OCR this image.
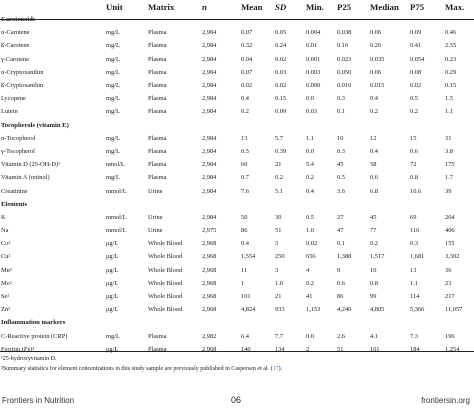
	Unit	Matrix	n	Mean	SD	Min.	P25	Median	P75	Max.
Carotenoids										
α-Carotene	mg/L	Plasma	2,984	0.07	0.05	0.004	0.038	0.06	0.09	0.46
ß-Carotene	mg/L	Plasma	2,984	0.32	0.24	0.01	0.16	0.26	0.41	2.55
γ-Carotene	mg/L	Plasma	2,984	0.04	0.02	0.001	0.023	0.035	0.054	0.23
α-Cryptoxanthin	mg/L	Plasma	2,984	0.07	0.03	0.003	0.050	0.06	0.08	0.29
ß-Cryptoxanthin	mg/L	Plasma	2,984	0.02	0.02	0.000	0.010	0.015	0.02	0.15
Lycopene	mg/L	Plasma	2,984	0.4	0.15	0.0	0.3	0.4	0.5	1.5
Lutein	mg/L	Plasma	2,984	0.2	0.09	0.03	0.1	0.2	0.2	1.1
Tocopherols (vitamin E)										
α-Tocopherol	mg/L	Plasma	2,984	13	5.7	1.1	10	12	15	31
γ-Tocopherol	mg/L	Plasma	2,984	0.5	0.39	0.0	0.3	0.4	0.6	3.8
Vitamin D (25-OH-D)¹	nmol/L	Plasma	2,984	60	21	5.4	45	58	72	175
Vitamin A (retinol)	mg/L	Plasma	2,984	0.7	0.2	0.2	0.5	0.6	0.8	1.7
Creatinine	mmol/L	Urine	2,984	7.6	5.1	0.4	3.6	6.8	10.6	39
Elements										
K	mmol/L	Urine	2,984	50	30	0.5	27	45	69	204
Na	mmol/L	Urine	2,975	86	51	1.0	47	77	116	406
Co²	μg/L	Whole Blood	2,968	0.4	3	0.02	0.1	0.2	0.3	155
Cu²	μg/L	Whole Blood	2,968	1,554	250	656	1,388	1,517	1,681	3,302
Mn²	μg/L	Whole Blood	2,968	11	3	4	9	10	13	36
Mo²	μg/L	Whole Blood	2,968	1	1.0	0.2	0.6	0.8	1.1	23
Se²	μg/L	Whole Blood	2,968	101	21	41	86	99	114	217
Zn²	μg/L	Whole Blood	2,968	4,824	933	1,153	4,240	4,805	5,366	11,057
Inflammation markers										
C-Reactive protein (CRP)	mg/L	Plasma	2,982	6.4	7.7	0.0	2.6	4.1	7.3	196
Ferritin (Fe)²	μg/L	Plasma	2,968	140	134	2	51	101	184	1,254
¹25-hydroxyvitamin D.
²Summary statistics for element concentrations in this study sample are previously published in Caspersen et al. (17).
Frontiers in Nutrition	06	frontiersin.org
